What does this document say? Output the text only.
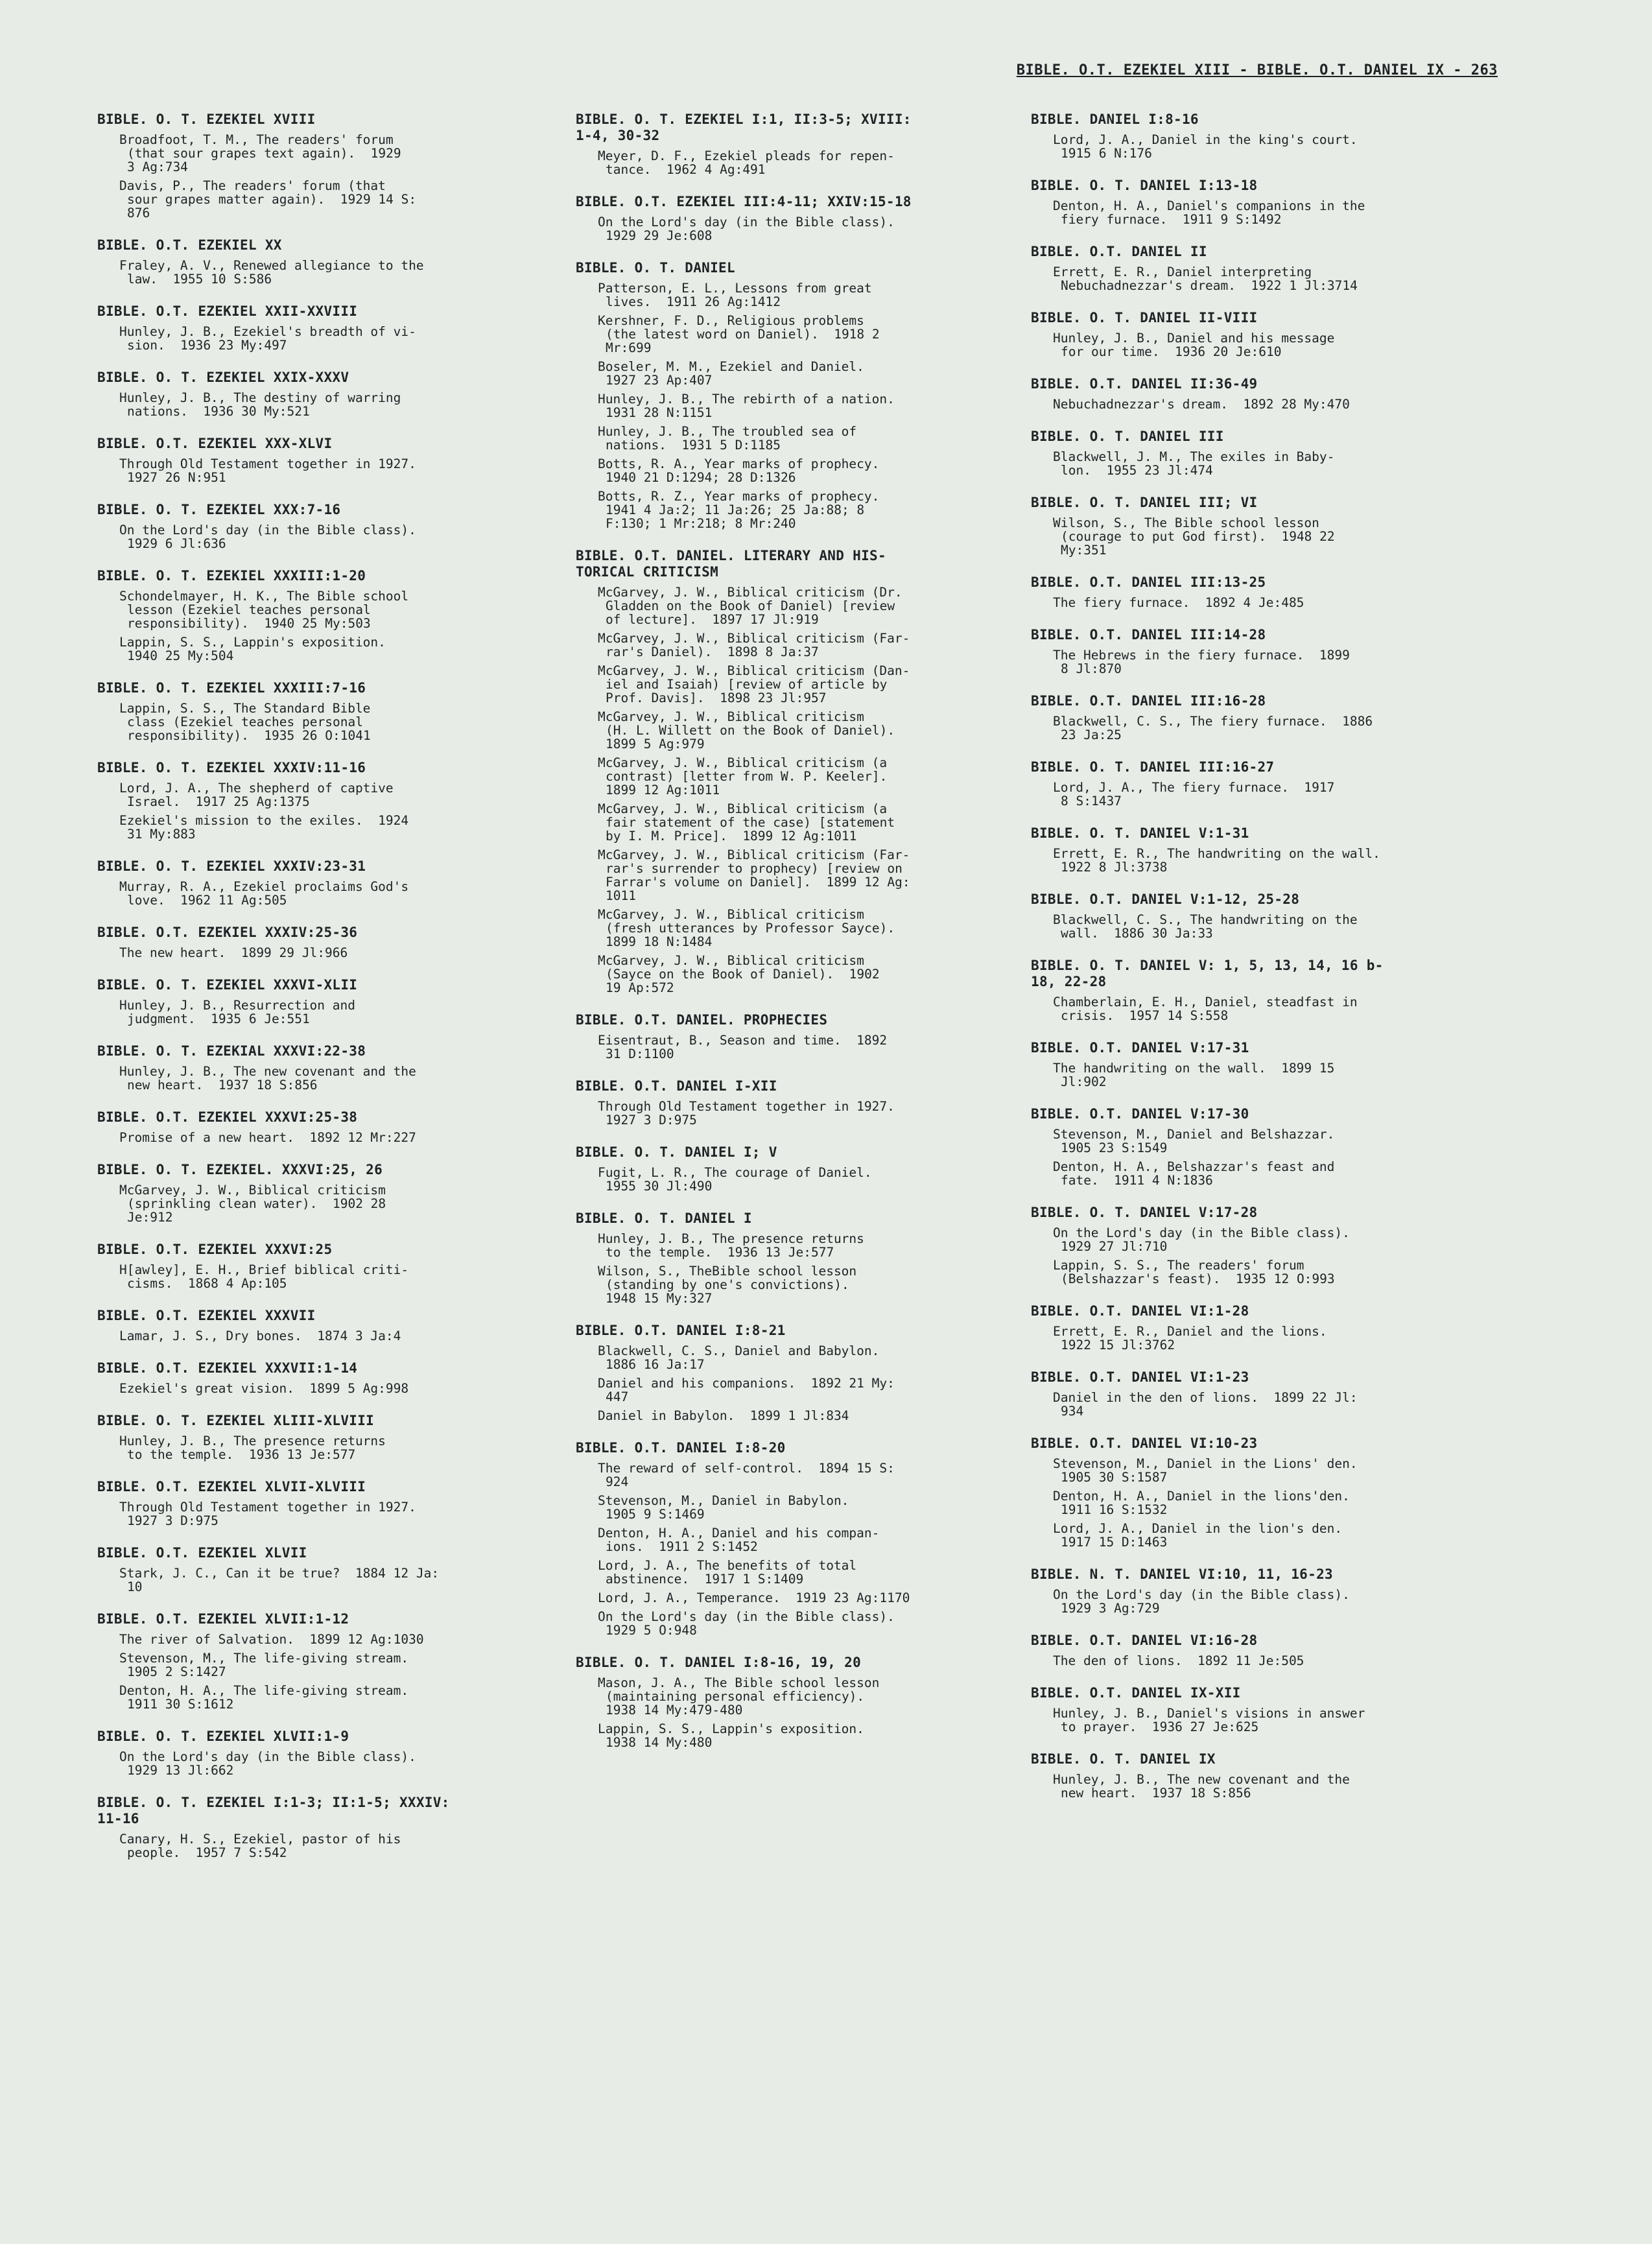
BIBLE. O.T. EZEKIEL XIII - BIBLE. O.T. DANIEL IX - 263
BIBLE. O. T. EZEKIEL XVIII
Broadfoot, T. M., The readers' forum
(that sour grapes text again).  1929
3 Ag:734
Davis, P., The readers' forum (that
sour grapes matter again).  1929 14 S:
876
BIBLE. O.T. EZEKIEL XX
Fraley, A. V., Renewed allegiance to the
law.  1955 10 S:586
BIBLE. O.T. EZEKIEL XXII-XXVIII
Hunley, J. B., Ezekiel's breadth of vi-
sion.  1936 23 My:497
BIBLE. O. T. EZEKIEL XXIX-XXXV
Hunley, J. B., The destiny of warring
nations.  1936 30 My:521
BIBLE. O.T. EZEKIEL XXX-XLVI
Through Old Testament together in 1927.
1927 26 N:951
BIBLE. O. T. EZEKIEL XXX:7-16
On the Lord's day (in the Bible class).
1929 6 Jl:636
BIBLE. O. T. EZEKIEL XXXIII:1-20
Schondelmayer, H. K., The Bible school
lesson (Ezekiel teaches personal
responsibility).  1940 25 My:503
Lappin, S. S., Lappin's exposition.
1940 25 My:504
BIBLE. O. T. EZEKIEL XXXIII:7-16
Lappin, S. S., The Standard Bible
class (Ezekiel teaches personal
responsibility).  1935 26 O:1041
BIBLE. O. T. EZEKIEL XXXIV:11-16
Lord, J. A., The shepherd of captive
Israel.  1917 25 Ag:1375
Ezekiel's mission to the exiles.  1924
31 My:883
BIBLE. O. T. EZEKIEL XXXIV:23-31
Murray, R. A., Ezekiel proclaims God's
love.  1962 11 Ag:505
BIBLE. O.T. EZEKIEL XXXIV:25-36
The new heart.  1899 29 Jl:966
BIBLE. O. T. EZEKIEL XXXVI-XLII
Hunley, J. B., Resurrection and
judgment.  1935 6 Je:551
BIBLE. O. T. EZEKIAL XXXVI:22-38
Hunley, J. B., The new covenant and the
new heart.  1937 18 S:856
BIBLE. O.T. EZEKIEL XXXVI:25-38
Promise of a new heart.  1892 12 Mr:227
BIBLE. O. T. EZEKIEL. XXXVI:25, 26
McGarvey, J. W., Biblical criticism
(sprinkling clean water).  1902 28
Je:912
BIBLE. O.T. EZEKIEL XXXVI:25
H[awley], E. H., Brief biblical criti-
cisms.  1868 4 Ap:105
BIBLE. O.T. EZEKIEL XXXVII
Lamar, J. S., Dry bones.  1874 3 Ja:4
BIBLE. O.T. EZEKIEL XXXVII:1-14
Ezekiel's great vision.  1899 5 Ag:998
BIBLE. O. T. EZEKIEL XLIII-XLVIII
Hunley, J. B., The presence returns
to the temple.  1936 13 Je:577
BIBLE. O.T. EZEKIEL XLVII-XLVIII
Through Old Testament together in 1927.
1927 3 D:975
BIBLE. O.T. EZEKIEL XLVII
Stark, J. C., Can it be true?  1884 12 Ja:
10
BIBLE. O.T. EZEKIEL XLVII:1-12
The river of Salvation.  1899 12 Ag:1030
Stevenson, M., The life-giving stream.
1905 2 S:1427
Denton, H. A., The life-giving stream.
1911 30 S:1612
BIBLE. O. T. EZEKIEL XLVII:1-9
On the Lord's day (in the Bible class).
1929 13 Jl:662
BIBLE. O. T. EZEKIEL I:1-3; II:1-5; XXXIV:
11-16
Canary, H. S., Ezekiel, pastor of his
people.  1957 7 S:542
BIBLE. O. T. EZEKIEL I:1, II:3-5; XVIII:
1-4, 30-32
Meyer, D. F., Ezekiel pleads for repen-
tance.  1962 4 Ag:491
BIBLE. O.T. EZEKIEL III:4-11; XXIV:15-18
On the Lord's day (in the Bible class).
1929 29 Je:608
BIBLE. O. T. DANIEL
Patterson, E. L., Lessons from great
lives.  1911 26 Ag:1412
Kershner, F. D., Religious problems
(the latest word on Daniel).  1918 2
Mr:699
Boseler, M. M., Ezekiel and Daniel.
1927 23 Ap:407
Hunley, J. B., The rebirth of a nation.
1931 28 N:1151
Hunley, J. B., The troubled sea of
nations.  1931 5 D:1185
Botts, R. A., Year marks of prophecy.
1940 21 D:1294; 28 D:1326
Botts, R. Z., Year marks of prophecy.
1941 4 Ja:2; 11 Ja:26; 25 Ja:88; 8
F:130; 1 Mr:218; 8 Mr:240
BIBLE. O.T. DANIEL. LITERARY AND HIS-
TORICAL CRITICISM
McGarvey, J. W., Biblical criticism (Dr.
Gladden on the Book of Daniel) [review
of lecture].  1897 17 Jl:919
McGarvey, J. W., Biblical criticism (Far-
rar's Daniel).  1898 8 Ja:37
McGarvey, J. W., Biblical criticism (Dan-
iel and Isaiah) [review of article by
Prof. Davis].  1898 23 Jl:957
McGarvey, J. W., Biblical criticism
(H. L. Willett on the Book of Daniel).
1899 5 Ag:979
McGarvey, J. W., Biblical criticism (a
contrast) [letter from W. P. Keeler].
1899 12 Ag:1011
McGarvey, J. W., Biblical criticism (a
fair statement of the case) [statement
by I. M. Price].  1899 12 Ag:1011
McGarvey, J. W., Biblical criticism (Far-
rar's surrender to prophecy) [review on
Farrar's volume on Daniel].  1899 12 Ag:
1011
McGarvey, J. W., Biblical criticism
(fresh utterances by Professor Sayce).
1899 18 N:1484
McGarvey, J. W., Biblical criticism
(Sayce on the Book of Daniel).  1902
19 Ap:572
BIBLE. O.T. DANIEL. PROPHECIES
Eisentraut, B., Season and time.  1892
31 D:1100
BIBLE. O.T. DANIEL I-XII
Through Old Testament together in 1927.
1927 3 D:975
BIBLE. O. T. DANIEL I; V
Fugit, L. R., The courage of Daniel.
1955 30 Jl:490
BIBLE. O. T. DANIEL I
Hunley, J. B., The presence returns
to the temple.  1936 13 Je:577
Wilson, S., TheBible school lesson
(standing by one's convictions).
1948 15 My:327
BIBLE. O.T. DANIEL I:8-21
Blackwell, C. S., Daniel and Babylon.
1886 16 Ja:17
Daniel and his companions.  1892 21 My:
447
Daniel in Babylon.  1899 1 Jl:834
BIBLE. O.T. DANIEL I:8-20
The reward of self-control.  1894 15 S:
924
Stevenson, M., Daniel in Babylon.
1905 9 S:1469
Denton, H. A., Daniel and his compan-
ions.  1911 2 S:1452
Lord, J. A., The benefits of total
abstinence.  1917 1 S:1409
Lord, J. A., Temperance.  1919 23 Ag:1170
On the Lord's day (in the Bible class).
1929 5 O:948
BIBLE. O. T. DANIEL I:8-16, 19, 20
Mason, J. A., The Bible school lesson
(maintaining personal efficiency).
1938 14 My:479-480
Lappin, S. S., Lappin's exposition.
1938 14 My:480
BIBLE. DANIEL I:8-16
Lord, J. A., Daniel in the king's court.
1915 6 N:176
BIBLE. O. T. DANIEL I:13-18
Denton, H. A., Daniel's companions in the
fiery furnace.  1911 9 S:1492
BIBLE. O.T. DANIEL II
Errett, E. R., Daniel interpreting
Nebuchadnezzar's dream.  1922 1 Jl:3714
BIBLE. O. T. DANIEL II-VIII
Hunley, J. B., Daniel and his message
for our time.  1936 20 Je:610
BIBLE. O.T. DANIEL II:36-49
Nebuchadnezzar's dream.  1892 28 My:470
BIBLE. O. T. DANIEL III
Blackwell, J. M., The exiles in Baby-
lon.  1955 23 Jl:474
BIBLE. O. T. DANIEL III; VI
Wilson, S., The Bible school lesson
(courage to put God first).  1948 22
My:351
BIBLE. O.T. DANIEL III:13-25
The fiery furnace.  1892 4 Je:485
BIBLE. O.T. DANIEL III:14-28
The Hebrews in the fiery furnace.  1899
8 Jl:870
BIBLE. O.T. DANIEL III:16-28
Blackwell, C. S., The fiery furnace.  1886
23 Ja:25
BIBLE. O. T. DANIEL III:16-27
Lord, J. A., The fiery furnace.  1917
8 S:1437
BIBLE. O. T. DANIEL V:1-31
Errett, E. R., The handwriting on the wall.
1922 8 Jl:3738
BIBLE. O.T. DANIEL V:1-12, 25-28
Blackwell, C. S., The handwriting on the
wall.  1886 30 Ja:33
BIBLE. O. T. DANIEL V: 1, 5, 13, 14, 16 b-
18, 22-28
Chamberlain, E. H., Daniel, steadfast in
crisis.  1957 14 S:558
BIBLE. O.T. DANIEL V:17-31
The handwriting on the wall.  1899 15
Jl:902
BIBLE. O.T. DANIEL V:17-30
Stevenson, M., Daniel and Belshazzar.
1905 23 S:1549
Denton, H. A., Belshazzar's feast and
fate.  1911 4 N:1836
BIBLE. O. T. DANIEL V:17-28
On the Lord's day (in the Bible class).
1929 27 Jl:710
Lappin, S. S., The readers' forum
(Belshazzar's feast).  1935 12 O:993
BIBLE. O.T. DANIEL VI:1-28
Errett, E. R., Daniel and the lions.
1922 15 Jl:3762
BIBLE. O.T. DANIEL VI:1-23
Daniel in the den of lions.  1899 22 Jl:
934
BIBLE. O.T. DANIEL VI:10-23
Stevenson, M., Daniel in the Lions' den.
1905 30 S:1587
Denton, H. A., Daniel in the lions'den.
1911 16 S:1532
Lord, J. A., Daniel in the lion's den.
1917 15 D:1463
BIBLE. N. T. DANIEL VI:10, 11, 16-23
On the Lord's day (in the Bible class).
1929 3 Ag:729
BIBLE. O.T. DANIEL VI:16-28
The den of lions.  1892 11 Je:505
BIBLE. O.T. DANIEL IX-XII
Hunley, J. B., Daniel's visions in answer
to prayer.  1936 27 Je:625
BIBLE. O. T. DANIEL IX
Hunley, J. B., The new covenant and the
new heart.  1937 18 S:856
